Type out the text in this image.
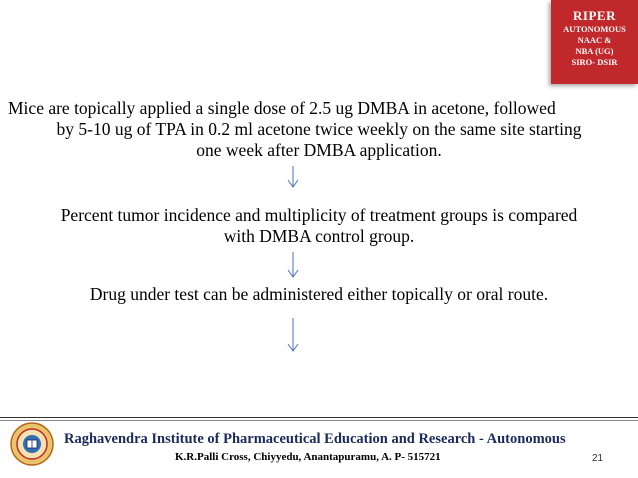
RIPER
AUTONOMOUS
NAAC &
NBA (UG)
SIRO- DSIR
Mice are topically applied a single dose of 2.5 ug DMBA in acetone, followed
by 5-10 ug of TPA in 0.2 ml acetone twice weekly on the same site starting
one week after DMBA application.
Percent tumor incidence and multiplicity of treatment groups is compared
with DMBA control group.
Drug under test can be administered either topically or oral route.
Raghavendra Institute of Pharmaceutical Education and Research - Autonomous
K.R.Palli Cross, Chiyyedu, Anantapuramu, A. P- 515721	21
